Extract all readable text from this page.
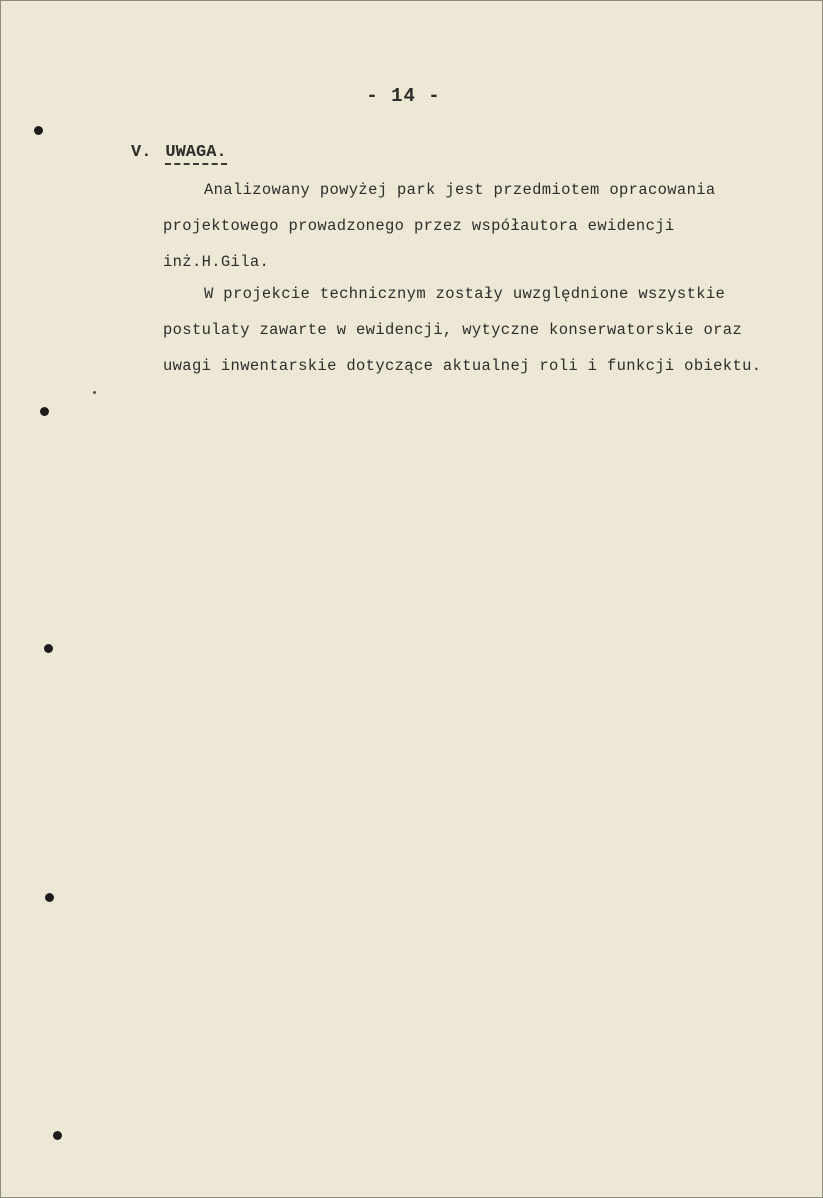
- 14 -
V. UWAGA.
Analizowany powyżej park jest przedmiotem opracowania
projektowego prowadzonego przez współautora ewidencji
inż.H.Gila.
W projekcie technicznym zostały uwzględnione wszystkie
postulaty zawarte w ewidencji, wytyczne konserwatorskie oraz
uwagi inwentarskie dotyczące aktualnej roli i funkcji obiektu.
